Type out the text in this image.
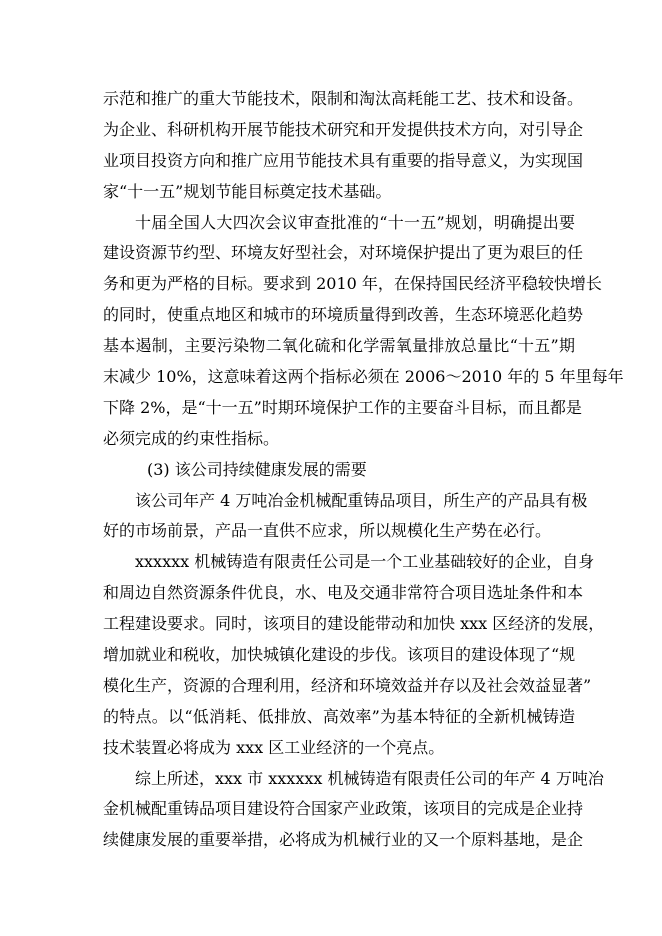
示范和推广的重大节能技术，限制和淘汰高耗能工艺、技术和设备。
为企业、科研机构开展节能技术研究和开发提供技术方向，对引导企
业项目投资方向和推广应用节能技术具有重要的指导意义，为实现国
家“十一五”规划节能目标奠定技术基础。
十届全国人大四次会议审查批准的“十一五”规划，明确提出要
建设资源节约型、环境友好型社会，对环境保护提出了更为艰巨的任
务和更为严格的目标。要求到 2010 年，在保持国民经济平稳较快增长
的同时，使重点地区和城市的环境质量得到改善，生态环境恶化趋势
基本遏制，主要污染物二氧化硫和化学需氧量排放总量比“十五”期
末减少 10%，这意味着这两个指标必须在 2006～2010 年的 5 年里每年
下降 2%，是“十一五”时期环境保护工作的主要奋斗目标，而且都是
必须完成的约束性指标。
(3) 该公司持续健康发展的需要
该公司年产 4 万吨冶金机械配重铸品项目，所生产的产品具有极
好的市场前景，产品一直供不应求，所以规模化生产势在必行。
xxxxxx 机械铸造有限责任公司是一个工业基础较好的企业，自身
和周边自然资源条件优良，水、电及交通非常符合项目选址条件和本
工程建设要求。同时，该项目的建设能带动和加快 xxx 区经济的发展，
增加就业和税收，加快城镇化建设的步伐。该项目的建设体现了“规
模化生产，资源的合理利用，经济和环境效益并存以及社会效益显著”
的特点。以“低消耗、低排放、高效率”为基本特征的全新机械铸造
技术装置必将成为 xxx 区工业经济的一个亮点。
综上所述，xxx 市 xxxxxx 机械铸造有限责任公司的年产 4 万吨冶
金机械配重铸品项目建设符合国家产业政策，该项目的完成是企业持
续健康发展的重要举措，必将成为机械行业的又一个原料基地，是企
